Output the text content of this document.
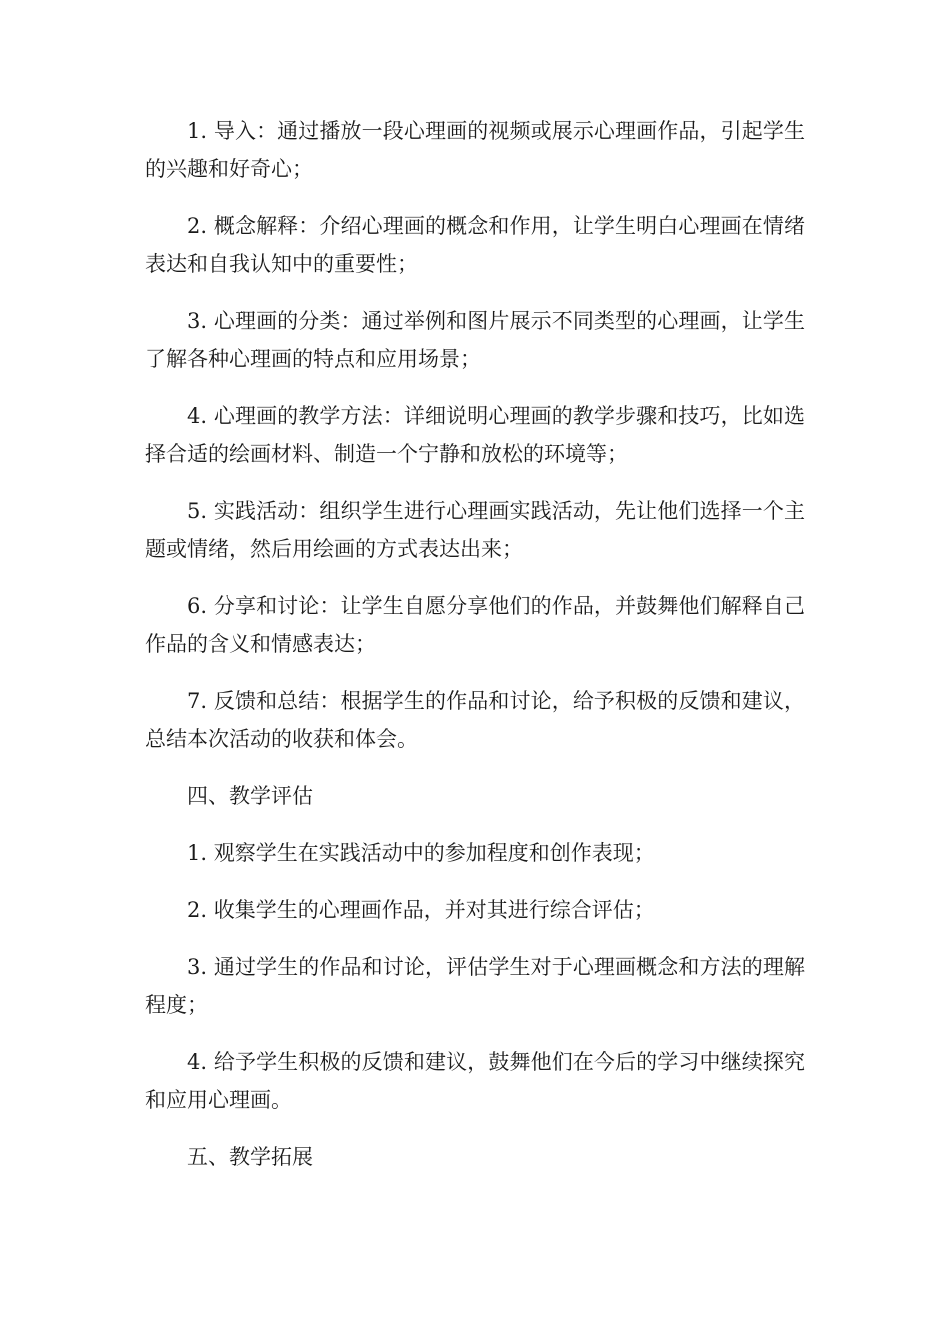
1. 导入：通过播放一段心理画的视频或展示心理画作品，引起学生的兴趣和好奇心；

2. 概念解释：介绍心理画的概念和作用，让学生明白心理画在情绪表达和自我认知中的重要性；

3. 心理画的分类：通过举例和图片展示不同类型的心理画，让学生了解各种心理画的特点和应用场景；

4. 心理画的教学方法：详细说明心理画的教学步骤和技巧，比如选择合适的绘画材料、制造一个宁静和放松的环境等；

5. 实践活动：组织学生进行心理画实践活动，先让他们选择一个主题或情绪，然后用绘画的方式表达出来；

6. 分享和讨论：让学生自愿分享他们的作品，并鼓舞他们解释自己作品的含义和情感表达；

7. 反馈和总结：根据学生的作品和讨论，给予积极的反馈和建议，总结本次活动的收获和体会。

四、教学评估

1. 观察学生在实践活动中的参加程度和创作表现；

2. 收集学生的心理画作品，并对其进行综合评估；

3. 通过学生的作品和讨论，评估学生对于心理画概念和方法的理解程度；

4. 给予学生积极的反馈和建议，鼓舞他们在今后的学习中继续探究和应用心理画。

五、教学拓展
